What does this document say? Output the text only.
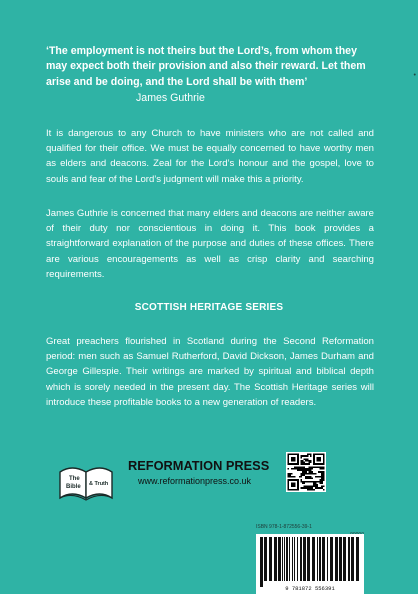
‘The employment is not theirs but the Lord’s, from whom they may expect both their provision and also their reward. Let them arise and be doing, and the Lord shall be with them’
James Guthrie
It is dangerous to any Church to have ministers who are not called and qualified for their office. We must be equally concerned to have worthy men as elders and deacons. Zeal for the Lord’s honour and the gospel, love to souls and fear of the Lord’s judgment will make this a priority.
James Guthrie is concerned that many elders and deacons are neither aware of their duty nor conscientious in doing it. This book provides a straightforward explanation of the purpose and duties of these offices. There are various encouragements as well as crisp clarity and searching requirements.
SCOTTISH HERITAGE SERIES
Great preachers flourished in Scotland during the Second Reformation period: men such as Samuel Rutherford, David Dickson, James Durham and George Gillespie. Their writings are marked by spiritual and biblical depth which is sorely needed in the present day. The Scottish Heritage series will introduce these profitable books to a new generation of readers.
The
Bible & Truth
REFORMATION PRESS
www.reformationpress.co.uk
ISBN 978-1-872556-39-1
9 781872 556391
•
